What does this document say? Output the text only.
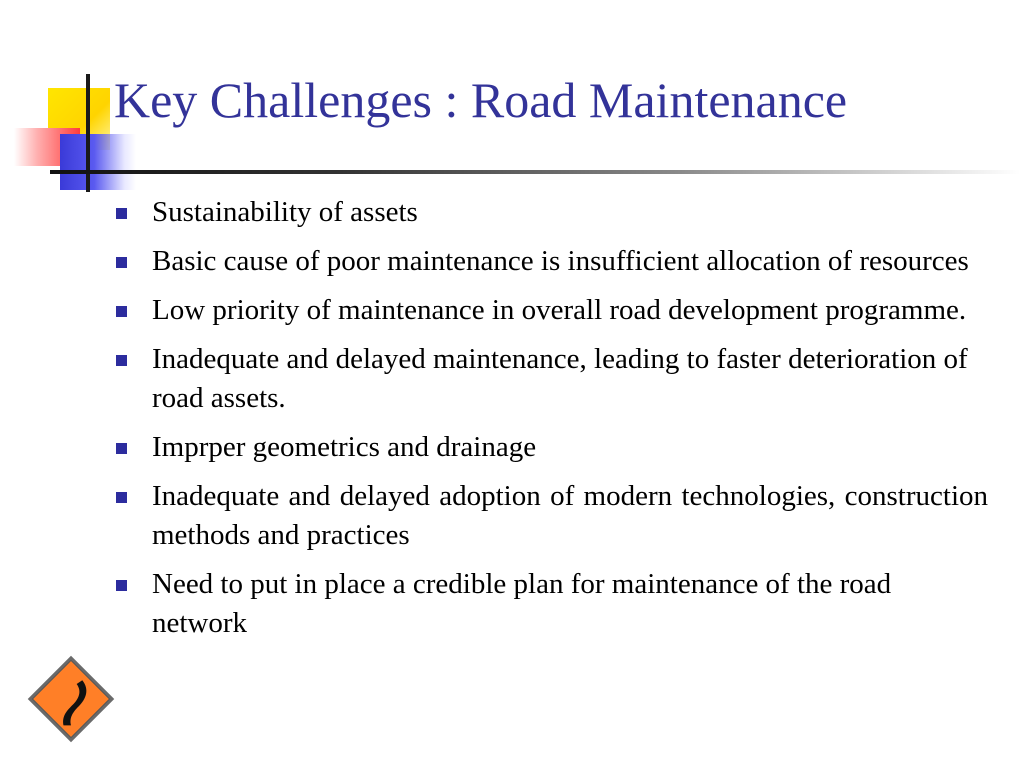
Key Challenges : Road Maintenance
Sustainability of assets
Basic cause of poor maintenance is insufficient allocation of resources
Low priority of maintenance in overall road development programme.
Inadequate and delayed maintenance, leading to faster deterioration of road assets.
Imprper geometrics and drainage
Inadequate and delayed adoption of modern technologies, construction methods and practices
Need to put in place a credible plan for maintenance of the road network
